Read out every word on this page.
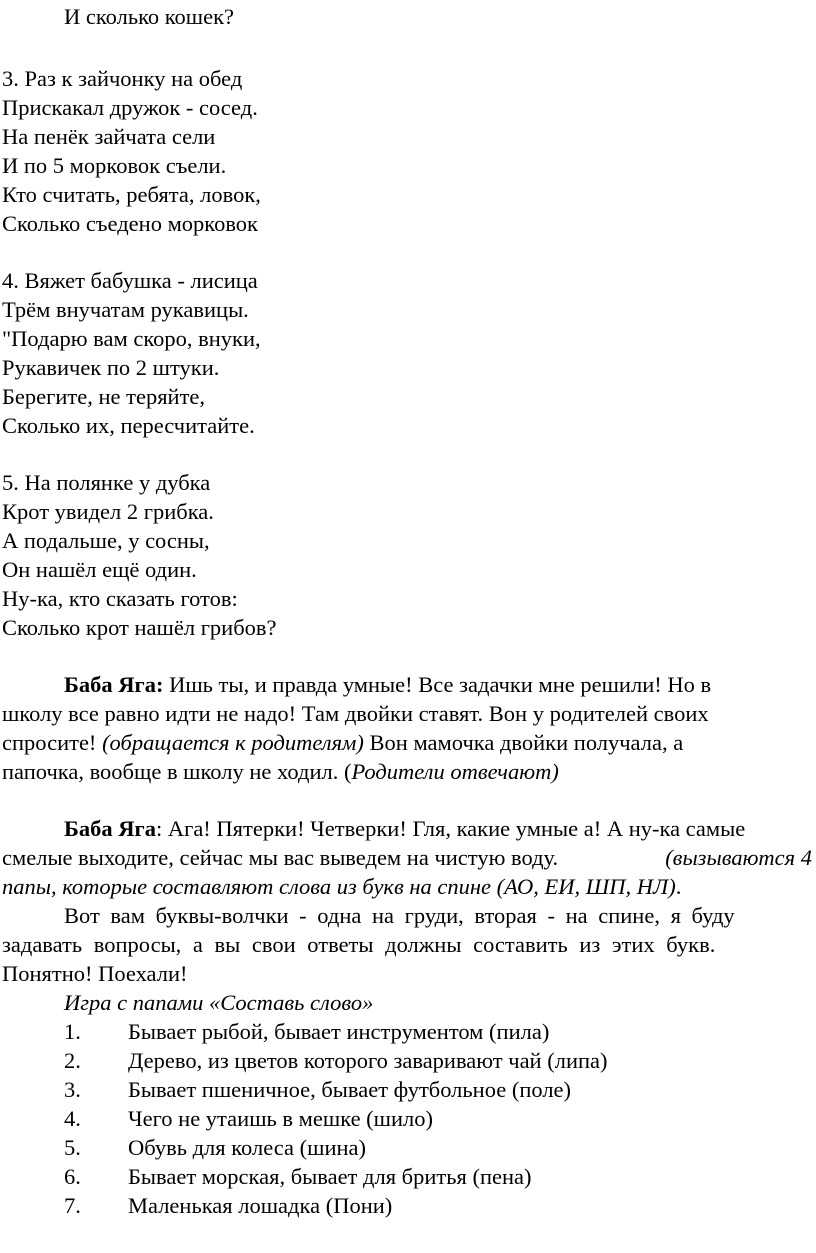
И сколько кошек?
3. Раз к зайчонку на обед
Прискакал дружок - сосед.
На пенёк зайчата сели
И по 5 морковок съели.
Кто считать, ребята, ловок,
Сколько съедено морковок
4. Вяжет бабушка - лисица
Трём внучатам рукавицы.
"Подарю вам скоро, внуки,
Рукавичек по 2 штуки.
Берегите, не теряйте,
Сколько их, пересчитайте.
5. На полянке у дубка
Крот увидел 2 грибка.
А подальше, у сосны,
Он нашёл ещё один.
Ну-ка, кто сказать готов:
Сколько крот нашёл грибов?
Баба Яга: Ишь ты, и правда умные! Все задачки мне решили! Но в
школу все равно идти не надо! Там двойки ставят. Вон у родителей своих
спросите! (обращается к родителям) Вон мамочка двойки получала, а
папочка, вообще в школу не ходил. (Родители отвечают)
Баба Яга: Ага! Пятерки! Четверки! Гля, какие умные а! А ну-ка самые
смелые выходите, сейчас мы вас выведем на чистую воду.	(вызываются 4
папы, которые составляют слова из букв на спине (АО, ЕИ, ШП, НЛ).
Вот вам буквы-волчки - одна на груди, вторая - на спине, я буду
задавать вопросы, а вы свои ответы должны составить из этих букв.
Понятно! Поехали!
Игра с папами «Составь слово»
1. Бывает рыбой, бывает инструментом (пила)
2. Дерево, из цветов которого заваривают чай (липа)
3. Бывает пшеничное, бывает футбольное (поле)
4. Чего не утаишь в мешке (шило)
5. Обувь для колеса (шина)
6. Бывает морская, бывает для бритья (пена)
7. Маленькая лошадка (Пони)
